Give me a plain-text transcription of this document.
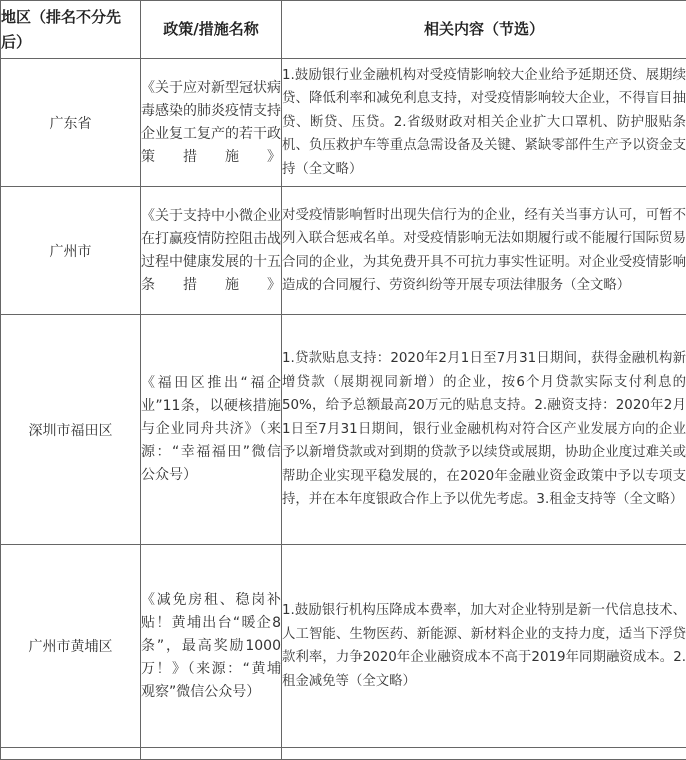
地区（排名不分先后）	政策/措施名称	相关内容（节选）
广东省	《关于应对新型冠状病毒感染的肺炎疫情支持企业复工复产的若干政策措施》	1.鼓励银行业金融机构对受疫情影响较大企业给予延期还贷、展期续贷、降低利率和减免利息支持，对受疫情影响较大企业，不得盲目抽贷、断贷、压贷。2.省级财政对相关企业扩大口罩机、防护服贴条机、负压救护车等重点急需设备及关键、紧缺零部件生产予以资金支持（全文略）
广州市	《关于支持中小微企业在打赢疫情防控阻击战过程中健康发展的十五条措施》	对受疫情影响暂时出现失信行为的企业，经有关当事方认可，可暂不列入联合惩戒名单。对受疫情影响无法如期履行或不能履行国际贸易合同的企业，为其免费开具不可抗力事实性证明。对企业受疫情影响造成的合同履行、劳资纠纷等开展专项法律服务（全文略）
深圳市福田区	《福田区推出“福企业”11条，以硬核措施与企业同舟共济》（来源：“幸福福田”微信公众号）	1.贷款贴息支持：2020年2月1日至7月31日期间，获得金融机构新增贷款（展期视同新增）的企业，按6个月贷款实际支付利息的50%，给予总额最高20万元的贴息支持。2.融资支持：2020年2月1日至7月31日期间，银行业金融机构对符合区产业发展方向的企业予以新增贷款或对到期的贷款予以续贷或展期，协助企业度过难关或帮助企业实现平稳发展的，在2020年金融业资金政策中予以专项支持，并在本年度银政合作上予以优先考虑。3.租金支持等（全文略）
广州市黄埔区	《减免房租、稳岗补贴！黄埔出台“暖企8条”，最高奖励1000万！》（来源：“黄埔观察”微信公众号）	1.鼓励银行机构压降成本费率，加大对企业特别是新一代信息技术、人工智能、生物医药、新能源、新材料企业的支持力度，适当下浮贷款利率，力争2020年企业融资成本不高于2019年同期融资成本。2.租金减免等（全文略）
